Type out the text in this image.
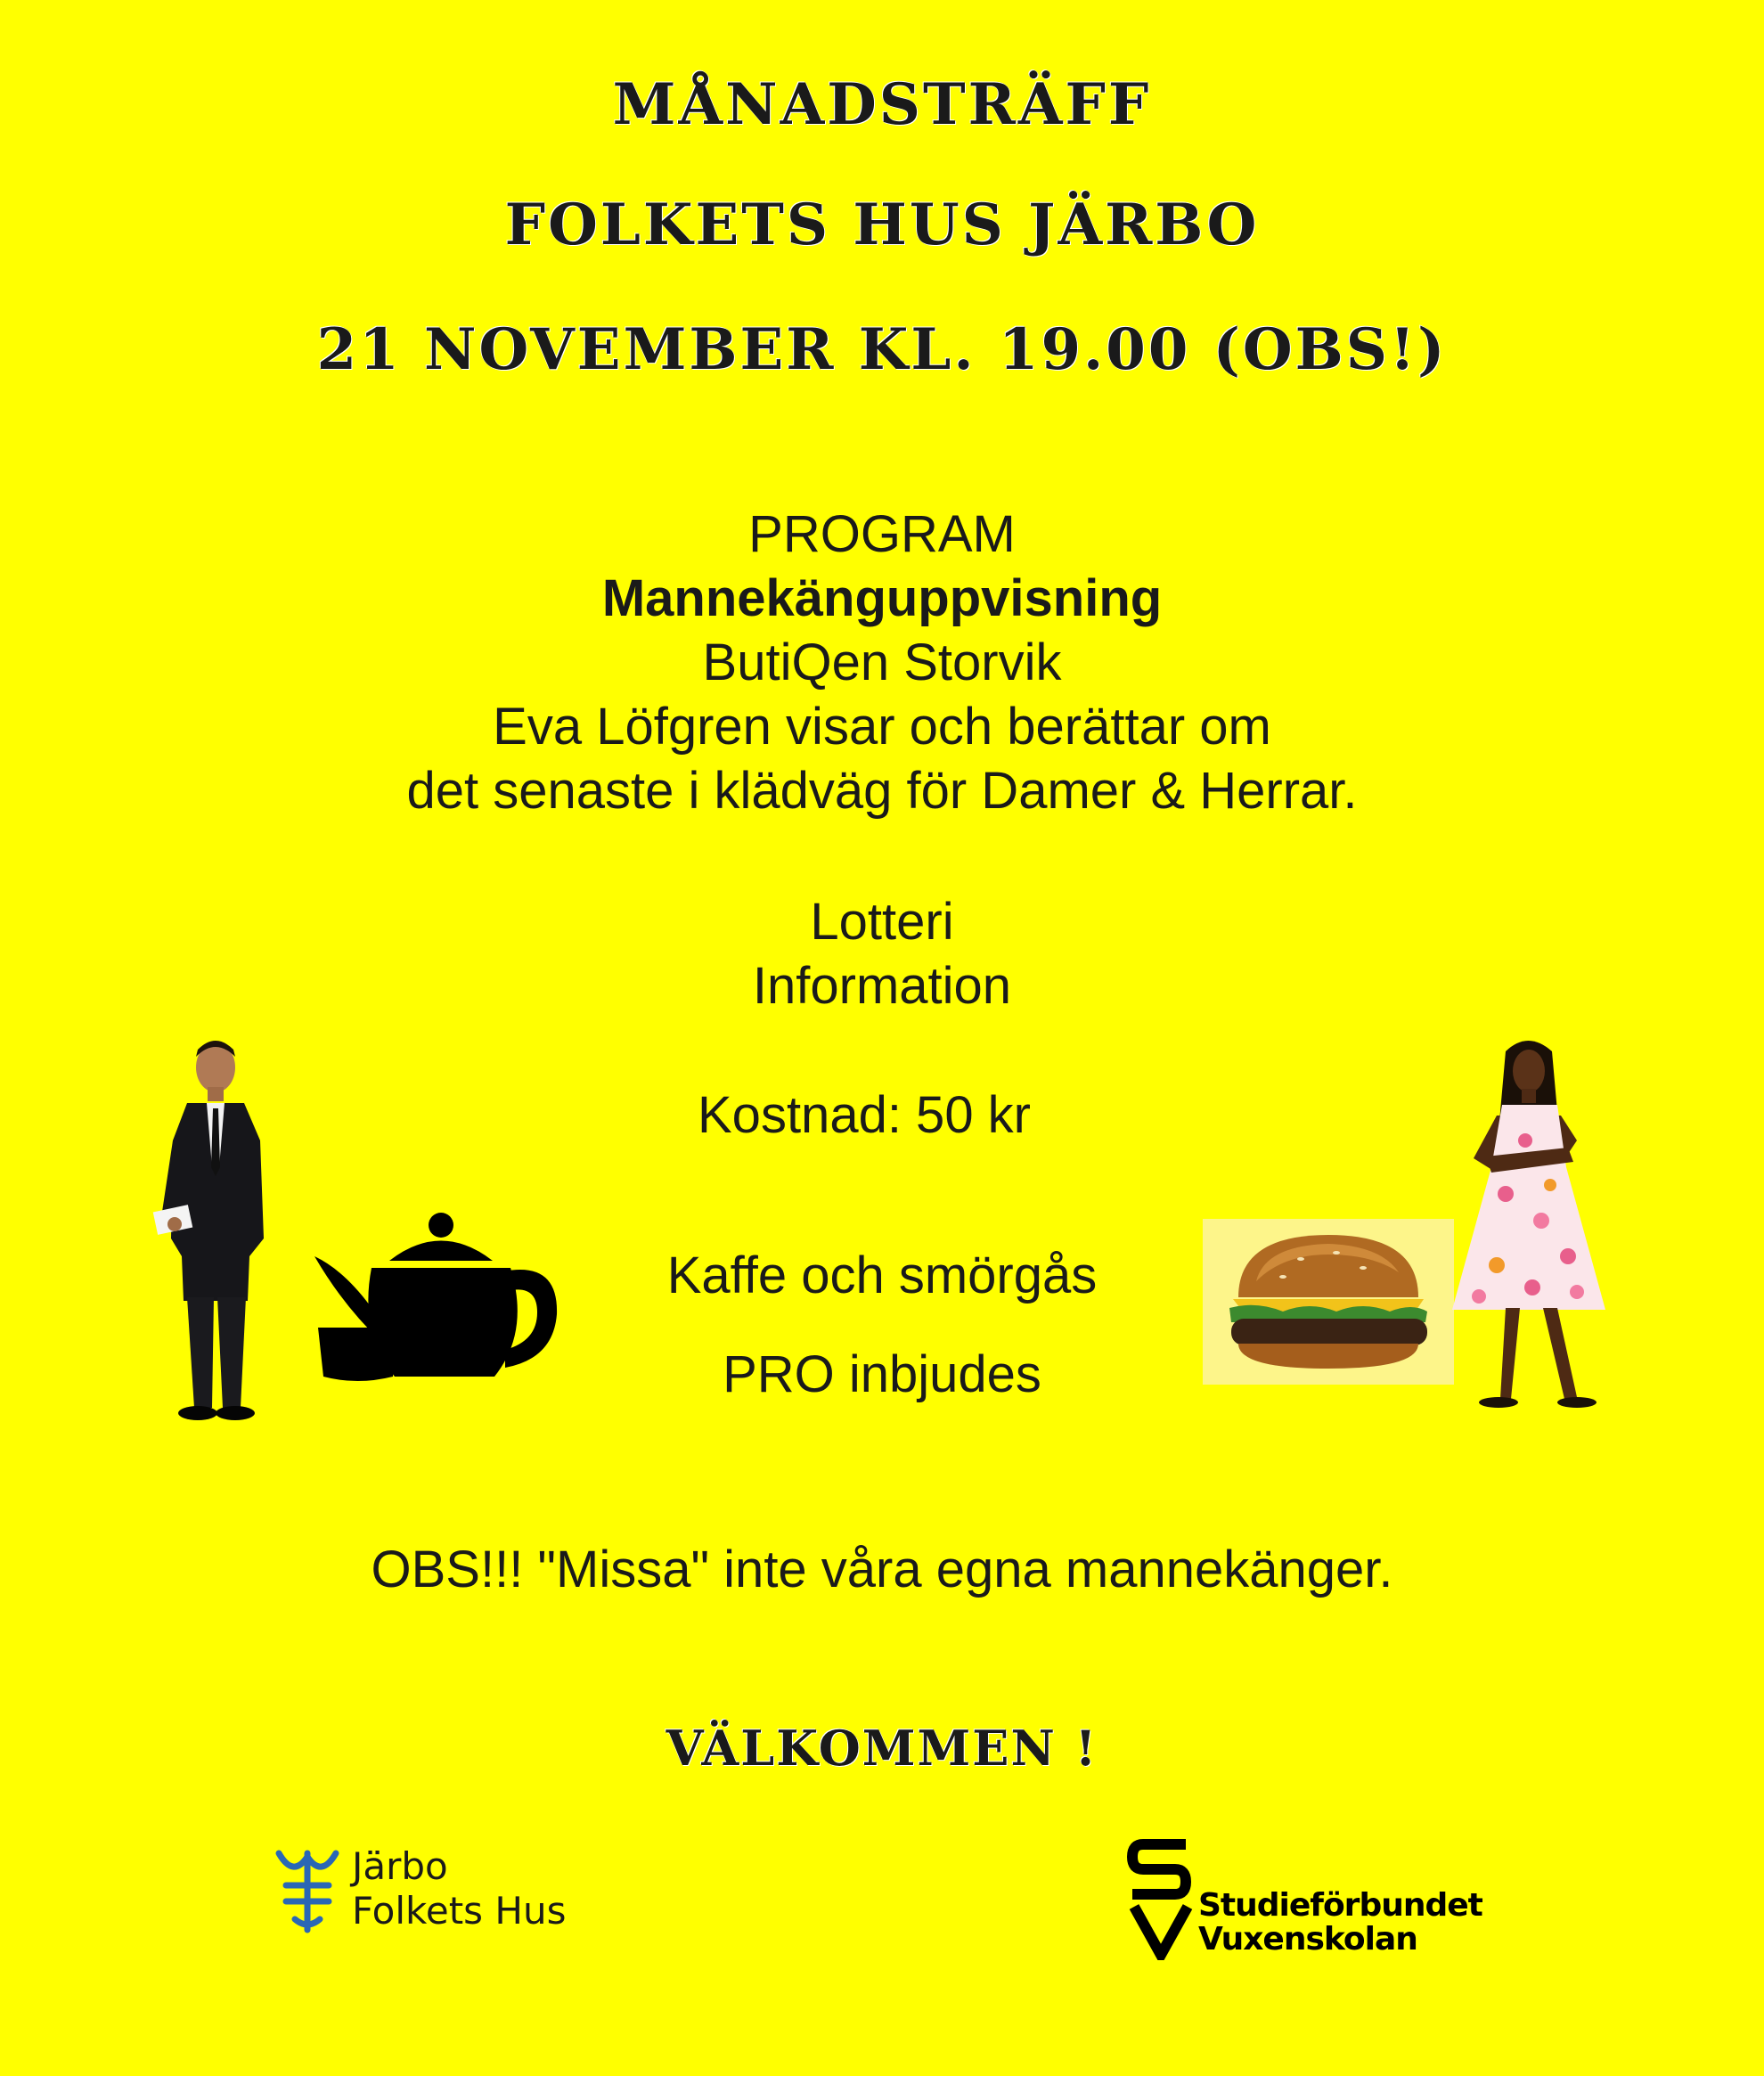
MÅNADSTRÄFF
FOLKETS HUS JÄRBO
21 NOVEMBER KL. 19.00 (OBS!)
PROGRAM
Mannekänguppvisning
ButiQen Storvik
Eva Löfgren visar och berättar om
det senaste i klädväg för Damer & Herrar.
Lotteri
Information
Kostnad: 50 kr
Kaffe och smörgås
PRO inbjudes
OBS!!! "Missa" inte våra egna mannekänger.
VÄLKOMMEN !
Järbo
Folkets Hus	Studieförbundet
Vuxenskolan
